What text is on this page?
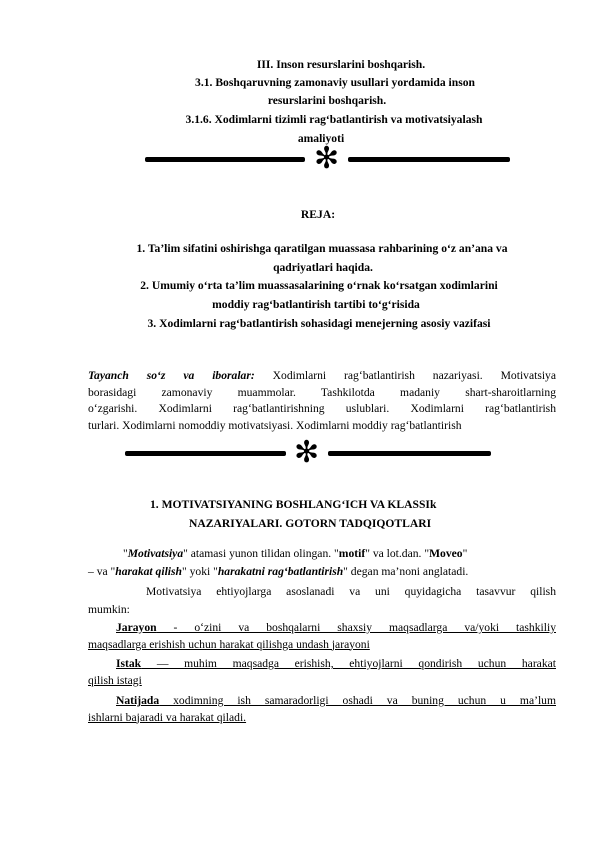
III. Inson resurslarini boshqarish.
3.1. Boshqaruvning zamonaviy usullari yordamida inson
resurslarini boshqarish.
3.1.6. Xodimlarni tizimli rag‘batlantirish va motivatsiyalash
amaliyoti
✻
REJA:
1. Ta’lim sifatini oshirishga qaratilgan muassasa rahbarining o‘z an’ana va
qadriyatlari haqida.
2. Umumiy o‘rta ta’lim muassasalarining o‘rnak ko‘rsatgan xodimlarini
moddiy rag‘batlantirish tartibi to‘g‘risida
3. Xodimlarni rag‘batlantirish sohasidagi menejerning asosiy vazifasi
Tayanch so‘z va iboralar: Xodimlarni rag‘batlantirish nazariyasi. Motivatsiya
borasidagi zamonaviy muammolar. Tashkilotda madaniy shart-sharoitlarning
o‘zgarishi. Xodimlarni rag‘batlantirishning uslublari. Xodimlarni rag‘batlantirish
turlari. Xodimlarni nomoddiy motivatsiyasi. Xodimlarni moddiy rag‘batlantirish
✻
1. MOTIVATSIYANING BOSHLANG‘ICH VA KLASSIk
NAZARIYALARI. GOTORN TADQIQOTLARI
"Motivatsiya" atamasi yunon tilidan olingan. "motif" va lot.dan. "Moveo"
– va "harakat qilish" yoki "harakatni rag‘batlantirish" degan ma’noni anglatadi.
Motivatsiya ehtiyojlarga asoslanadi va uni quyidagicha tasavvur qilish
mumkin:
Jarayon - o‘zini va boshqalarni shaxsiy maqsadlarga va/yoki tashkiliy
maqsadlarga erishish uchun harakat qilishga undash jarayoni
Istak — muhim maqsadga erishish, ehtiyojlarni qondirish uchun harakat
qilish istagi
Natijada xodimning ish samaradorligi oshadi va buning uchun u ma’lum
ishlarni bajaradi va harakat qiladi.
